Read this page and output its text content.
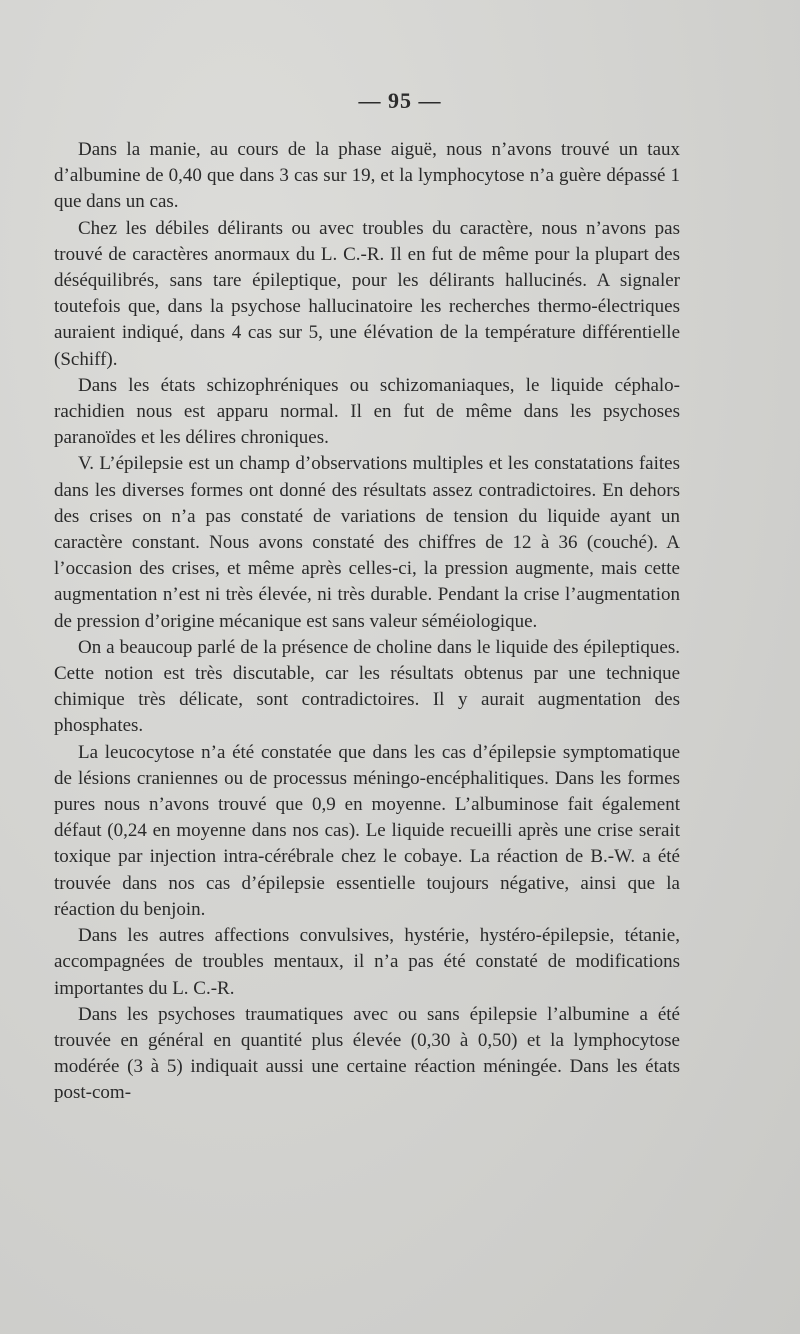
— 95 —

Dans la manie, au cours de la phase aiguë, nous n’avons trouvé un taux d’albumine de 0,40 que dans 3 cas sur 19, et la lymphocytose n’a guère dépassé 1 que dans un cas.

Chez les débiles délirants ou avec troubles du caractère, nous n’avons pas trouvé de caractères anormaux du L. C.-R. Il en fut de même pour la plupart des déséquilibrés, sans tare épileptique, pour les délirants hallucinés. A signaler toutefois que, dans la psychose hallucinatoire les recherches thermo-électriques auraient indiqué, dans 4 cas sur 5, une élévation de la température différentielle (Schiff).

Dans les états schizophréniques ou schizomaniaques, le liquide céphalo-rachidien nous est apparu normal. Il en fut de même dans les psychoses paranoïdes et les délires chroniques.

V. L’épilepsie est un champ d’observations multiples et les constatations faites dans les diverses formes ont donné des résultats assez contradictoires. En dehors des crises on n’a pas constaté de variations de tension du liquide ayant un caractère constant. Nous avons constaté des chiffres de 12 à 36 (couché). A l’occasion des crises, et même après celles-ci, la pression augmente, mais cette augmentation n’est ni très élevée, ni très durable. Pendant la crise l’augmentation de pression d’origine mécanique est sans valeur séméiologique.

On a beaucoup parlé de la présence de choline dans le liquide des épileptiques. Cette notion est très discutable, car les résultats obtenus par une technique chimique très délicate, sont contradictoires. Il y aurait augmentation des phosphates.

La leucocytose n’a été constatée que dans les cas d’épilepsie symptomatique de lésions craniennes ou de processus méningo-encéphalitiques. Dans les formes pures nous n’avons trouvé que 0,9 en moyenne. L’albuminose fait également défaut (0,24 en moyenne dans nos cas). Le liquide recueilli après une crise serait toxique par injection intra-cérébrale chez le cobaye. La réaction de B.-W. a été trouvée dans nos cas d’épilepsie essentielle toujours négative, ainsi que la réaction du benjoin.

Dans les autres affections convulsives, hystérie, hystéro-épilepsie, tétanie, accompagnées de troubles mentaux, il n’a pas été constaté de modifications importantes du L. C.-R.

Dans les psychoses traumatiques avec ou sans épilepsie l’albumine a été trouvée en général en quantité plus élevée (0,30 à 0,50) et la lymphocytose modérée (3 à 5) indiquait aussi une certaine réaction méningée. Dans les états post-com-
